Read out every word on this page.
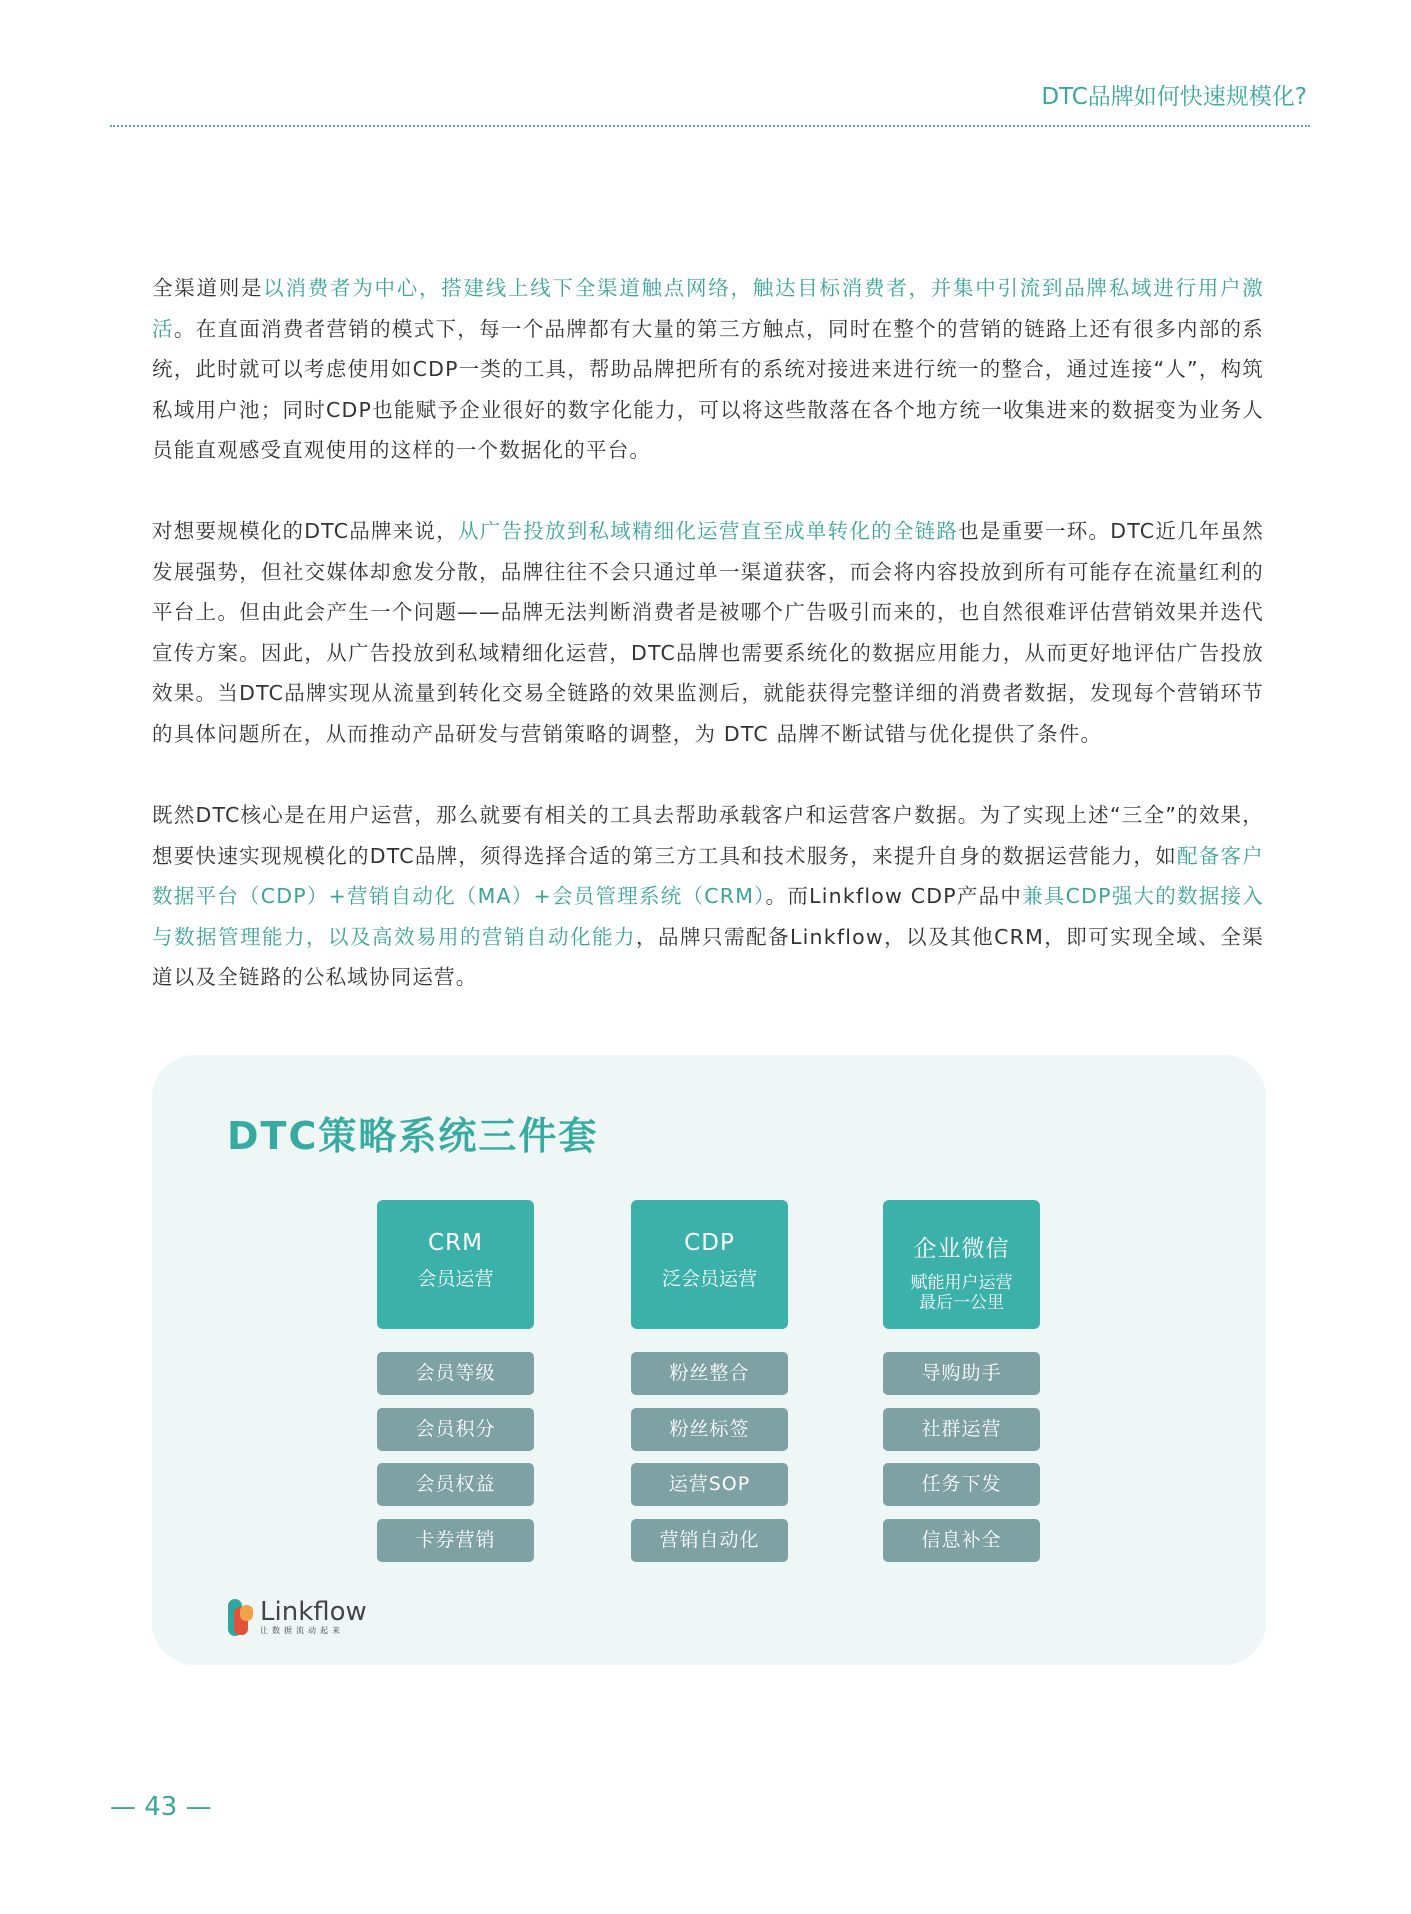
DTC品牌如何快速规模化?
全渠道则是以消费者为中心，搭建线上线下全渠道触点网络，触达目标消费者，并集中引流到品牌私域进行用户激活。在直面消费者营销的模式下，每一个品牌都有大量的第三方触点，同时在整个的营销的链路上还有很多内部的系统，此时就可以考虑使用如CDP一类的工具，帮助品牌把所有的系统对接进来进行统一的整合，通过连接“人”，构筑私域用户池；同时CDP也能赋予企业很好的数字化能力，可以将这些散落在各个地方统一收集进来的数据变为业务人员能直观感受直观使用的这样的一个数据化的平台。
对想要规模化的DTC品牌来说，从广告投放到私域精细化运营直至成单转化的全链路也是重要一环。DTC近几年虽然发展强势，但社交媒体却愈发分散，品牌往往不会只通过单一渠道获客，而会将内容投放到所有可能存在流量红利的平台上。但由此会产生一个问题——品牌无法判断消费者是被哪个广告吸引而来的，也自然很难评估营销效果并迭代宣传方案。因此，从广告投放到私域精细化运营，DTC品牌也需要系统化的数据应用能力，从而更好地评估广告投放效果。当DTC品牌实现从流量到转化交易全链路的效果监测后，就能获得完整详细的消费者数据，发现每个营销环节的具体问题所在，从而推动产品研发与营销策略的调整，为 DTC 品牌不断试错与优化提供了条件。
既然DTC核心是在用户运营，那么就要有相关的工具去帮助承载客户和运营客户数据。为了实现上述“三全”的效果，想要快速实现规模化的DTC品牌，须得选择合适的第三方工具和技术服务，来提升自身的数据运营能力，如配备客户数据平台（CDP）+营销自动化（MA）+会员管理系统（CRM）。而Linkflow CDP产品中兼具CDP强大的数据接入与数据管理能力，以及高效易用的营销自动化能力，品牌只需配备Linkflow，以及其他CRM，即可实现全域、全渠道以及全链路的公私域协同运营。
DTC策略系统三件套
Linkflow
让数据流动起来
CRM
会员运营
会员等级
会员积分
会员权益
卡券营销
CDP
泛会员运营
粉丝整合
粉丝标签
运营SOP
营销自动化
企业微信
赋能用户运营
最后一公里
导购助手
社群运营
任务下发
信息补全
— 43 —
